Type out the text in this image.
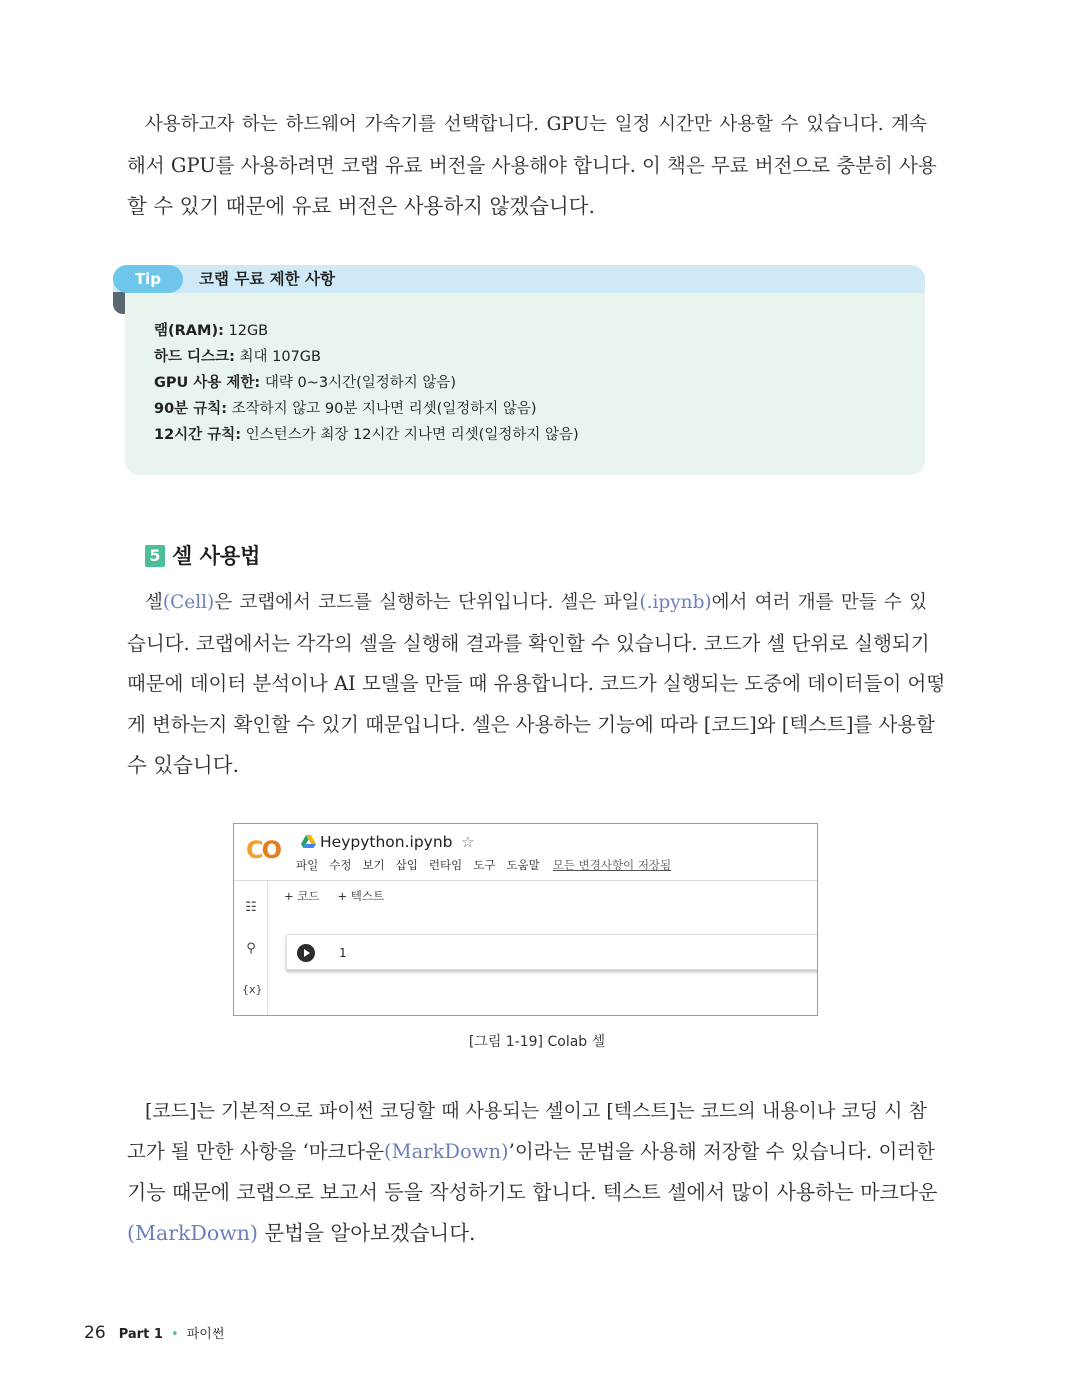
사용하고자 하는 하드웨어 가속기를 선택합니다. GPU는 일정 시간만 사용할 수 있습니다. 계속
해서 GPU를 사용하려면 코랩 유료 버전을 사용해야 합니다. 이 책은 무료 버전으로 충분히 사용
할 수 있기 때문에 유료 버전은 사용하지 않겠습니다.
Tip	코랩 무료 제한 사항
램(RAM): 12GB
하드 디스크: 최대 107GB
GPU 사용 제한: 대략 0~3시간(일정하지 않음)
90분 규칙: 조작하지 않고 90분 지나면 리셋(일정하지 않음)
12시간 규칙: 인스턴스가 최장 12시간 지나면 리셋(일정하지 않음)
5 셀 사용법
셀(Cell)은 코랩에서 코드를 실행하는 단위입니다. 셀은 파일(.ipynb)에서 여러 개를 만들 수 있
습니다. 코랩에서는 각각의 셀을 실행해 결과를 확인할 수 있습니다. 코드가 셀 단위로 실행되기
때문에 데이터 분석이나 AI 모델을 만들 때 유용합니다. 코드가 실행되는 도중에 데이터들이 어떻
게 변하는지 확인할 수 있기 때문입니다. 셀은 사용하는 기능에 따라 [코드]와 [텍스트]를 사용할
수 있습니다.
CO	Heypython.ipynb ☆
파일 수정 보기 삽입 런타임 도구 도움말 모든 변경사항이 저장됨
☷
⚲
{x}
+ 코드 + 텍스트
1
[그림 1-19] Colab 셀
[코드]는 기본적으로 파이썬 코딩할 때 사용되는 셀이고 [텍스트]는 코드의 내용이나 코딩 시 참
고가 될 만한 사항을 ‘마크다운(MarkDown)’이라는 문법을 사용해 저장할 수 있습니다. 이러한
기능 때문에 코랩으로 보고서 등을 작성하기도 합니다. 텍스트 셀에서 많이 사용하는 마크다운
(MarkDown) 문법을 알아보겠습니다.
26 Part 1 • 파이썬
